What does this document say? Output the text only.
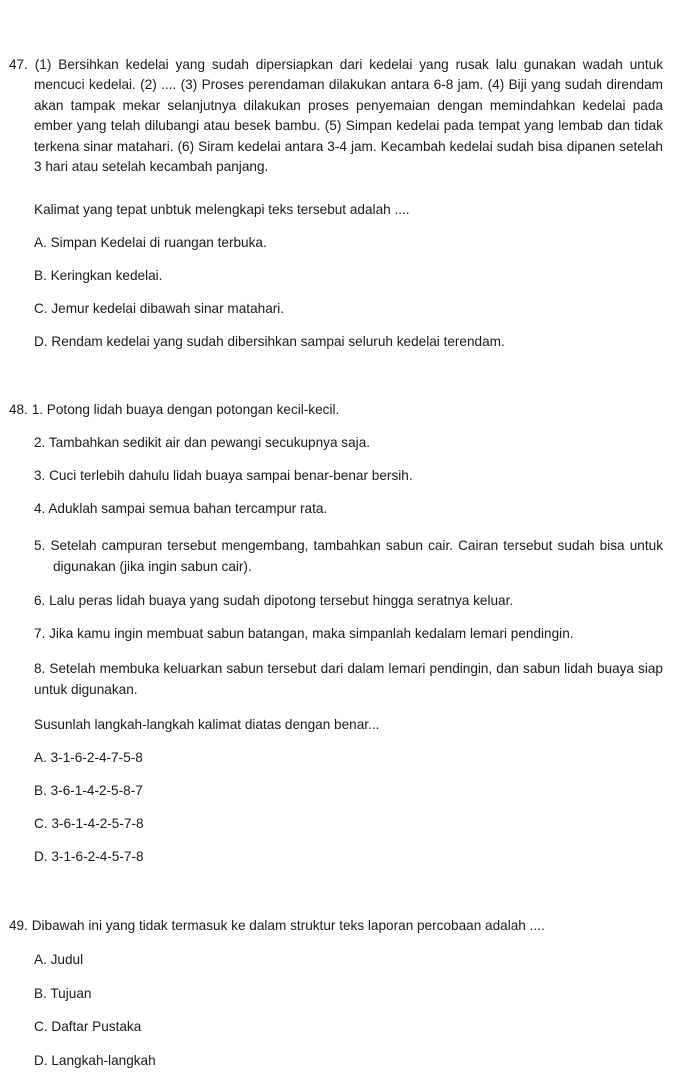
47. (1) Bersihkan kedelai yang sudah dipersiapkan dari kedelai yang rusak lalu gunakan wadah untuk mencuci kedelai. (2) .... (3) Proses perendaman dilakukan antara 6-8 jam. (4) Biji yang sudah direndam akan tampak mekar selanjutnya dilakukan proses penyemaian dengan memindahkan kedelai pada ember yang telah dilubangi atau besek bambu. (5) Simpan kedelai pada tempat yang lembab dan tidak terkena sinar matahari. (6) Siram kedelai antara 3-4 jam. Kecambah kedelai sudah bisa dipanen setelah 3 hari atau setelah kecambah panjang.

Kalimat yang tepat unbtuk melengkapi teks tersebut adalah ....
A. Simpan Kedelai di ruangan terbuka.
B. Keringkan kedelai.
C. Jemur kedelai dibawah sinar matahari.
D. Rendam kedelai yang sudah dibersihkan sampai seluruh kedelai terendam.
48. 1. Potong lidah buaya dengan potongan kecil-kecil.
2. Tambahkan sedikit air dan pewangi secukupnya saja.
3. Cuci terlebih dahulu lidah buaya sampai benar-benar bersih.
4. Aduklah sampai semua bahan tercampur rata.
5. Setelah campuran tersebut mengembang, tambahkan sabun cair. Cairan tersebut sudah bisa untuk digunakan (jika ingin sabun cair).
6. Lalu peras lidah buaya yang sudah dipotong tersebut hingga seratnya keluar.
7. Jika kamu ingin membuat sabun batangan, maka simpanlah kedalam lemari pendingin.
8. Setelah membuka keluarkan sabun tersebut dari dalam lemari pendingin, dan sabun lidah buaya siap untuk digunakan.
Susunlah langkah-langkah kalimat diatas dengan benar...
A. 3-1-6-2-4-7-5-8
B. 3-6-1-4-2-5-8-7
C. 3-6-1-4-2-5-7-8
D. 3-1-6-2-4-5-7-8
49. Dibawah ini yang tidak termasuk ke dalam struktur teks laporan percobaan adalah ....
A. Judul
B. Tujuan
C. Daftar Pustaka
D. Langkah-langkah
